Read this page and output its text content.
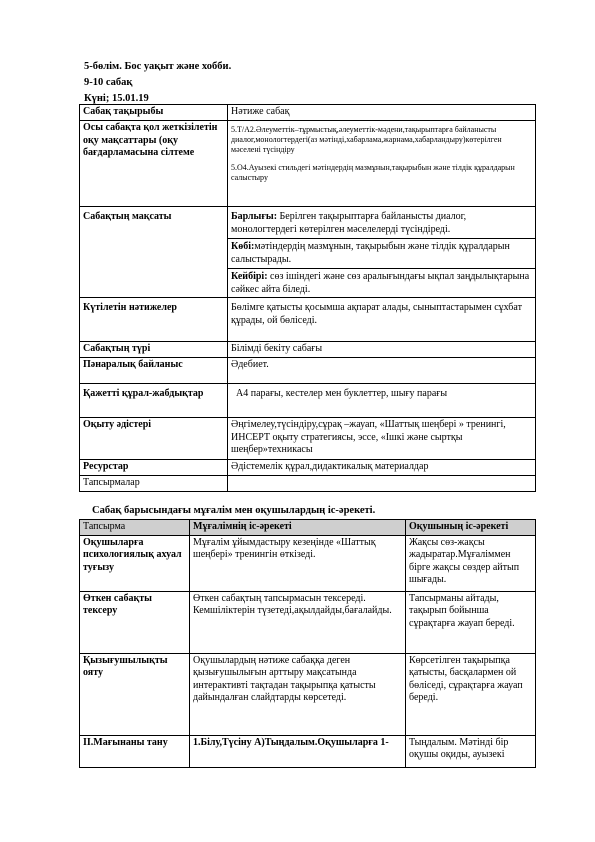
5-бөлім. Бос уақыт және хобби.
9-10 сабақ
Күні; 15.01.19
Сабақ тақырыбы	Нәтиже сабақ
Осы сабақта қол жеткізілетін оқу мақсаттары (оқу бағдарламасына сілтеме	5.Т/А2.Әлеуметтік–тұрмыстық,әлеуметтік-мәдени,тақырыптарға байланысты диалог,монологтердегі(аз мәтінді,хабарлама,жарнама,хабарландыру)көтерілген мәселені түсіндіру
5.О4.Ауызекі стильдегі мәтіндердің мазмұнын,тақырыбын және тілдік құралдарын салыстыру

Сабақтың мақсаты	Барлығы: Берілген тақырыптарға байланысты диалог, монологтердегі көтерілген мәселелерді түсіндіреді.
Көбі:мәтіндердің мазмұнын, тақырыбын және тілдік құралдарын салыстырады.
Кейбірі: сөз ішіндегі және сөз аралығындағы ықпал заңдылықтарына сәйкес айта біледі.

Күтілетін нәтижелер	Бөлімге қатысты қосымша ақпарат алады, сыныптастарымен сұхбат құрады, ой бөліседі.
Сабақтың түрі	Білімді бекіту сабағы
Пәнаралық байланыс	Әдебиет.
Қажетті құрал-жабдықтар	А4 парағы, кестелер мен буклеттер, шығу парағы
Оқыту әдістері	Әңгімелеу,түсіндіру,сұрақ –жауап, «Шаттық шеңбері » тренингі, ИНСЕРТ оқыту стратегиясы, эссе, «Ішкі және сыртқы шеңбер»техникасы
Ресурстар	Әдістемелік құрал,дидактикалық материалдар
Тапсырмалар	
Сабақ барысындағы мұғалім мен оқушылардың іс-әрекеті.
Тапсырма	Мұғалімнің іс-әрекеті	Оқушының іс-әрекеті
Оқушыларға психологиялық ахуал туғызу	Мұғалім ұйымдастыру кезеңінде «Шаттық шеңбері» тренингін өткізеді.	Жақсы сөз-жақсы жадыратар.Мұғаліммен бірге жақсы сөздер айтып шығады.
Өткен сабақты тексеру	Өткен сабақтың тапсырмасын тексереді. Кемшіліктерін түзетеді,ақылдайды,бағалайды.	Тапсырманы айтады, тақырып бойынша сұрақтарға жауап береді.
Қызығушылықты ояту	Оқушылардың нәтиже сабаққа деген қызығушылығын арттыру мақсатында интерактивті тақтадан тақырыпқа қатысты дайындалған слайдтарды көрсетеді.	Көрсетілген тақырыпқа қатысты, басқалармен ой бөліседі, сұрақтарға жауап береді.
II.Мағынаны тану	1.Білу,Түсіну А)Тыңдалым.Оқушыларға 1-	Тыңдалым. Мәтінді бір оқушы оқиды, ауызекі
